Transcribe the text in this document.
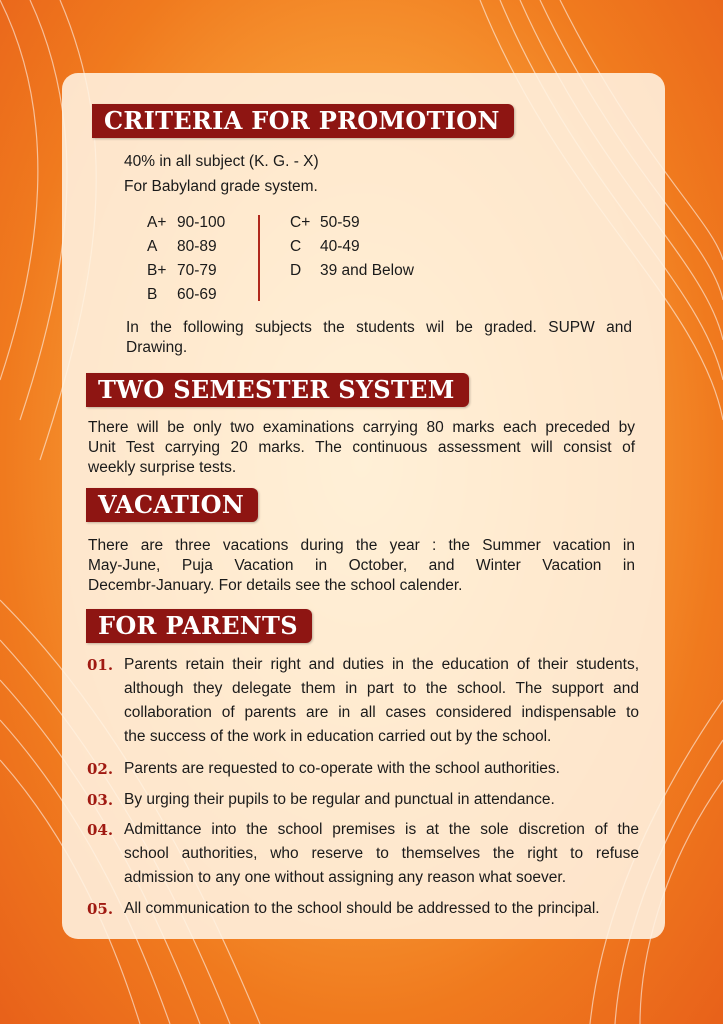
CRITERIA FOR PROMOTION
40% in all subject (K. G. - X)
For Babyland grade system.
A+ 90-100
A 80-89
B+ 70-79
B 60-69
C+ 50-59
C 40-49
D 39 and Below
In the following subjects the students wil be graded. SUPW and
Drawing.
TWO SEMESTER SYSTEM
There will be only two examinations carrying 80 marks each preceded by
Unit Test carrying 20 marks. The continuous assessment will consist of
weekly surprise tests.
VACATION
There are three vacations during the year : the Summer vacation in
May-June, Puja Vacation in October, and Winter Vacation in
Decembr-January. For details see the school calender.
FOR PARENTS
01. Parents retain their right and duties in the education of their students,
although they delegate them in part to the school. The support and
collaboration of parents are in all cases considered indispensable to
the success of the work in education carried out by the school.
02. Parents are requested to co-operate with the school authorities.
03. By urging their pupils to be regular and punctual in attendance.
04. Admittance into the school premises is at the sole discretion of the
school authorities, who reserve to themselves the right to refuse
admission to any one without assigning any reason what soever.
05. All communication to the school should be addressed to the principal.
